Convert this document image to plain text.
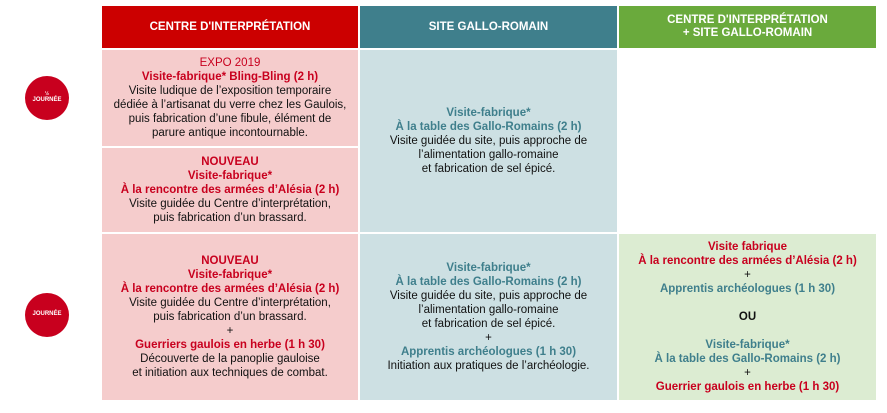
½
JOURNÉE
JOURNÉE
CENTRE D'INTERPRÉTATION	SITE GALLO-ROMAIN
CENTRE D'INTERPRÉTATION
+ SITE GALLO-ROMAIN
EXPO 2019
Visite-fabrique* Bling-Bling (2 h)
Visite ludique de l’exposition temporaire
dédiée à l’artisanat du verre chez les Gaulois,
puis fabrication d’une fibule, élément de
parure antique incontournable.
NOUVEAU
Visite-fabrique*
À la rencontre des armées d’Alésia (2 h)
Visite guidée du Centre d’interprétation,
puis fabrication d’un brassard.
Visite-fabrique*
À la table des Gallo-Romains (2 h)
Visite guidée du site, puis approche de
l’alimentation gallo-romaine
et fabrication de sel épicé.
NOUVEAU
Visite-fabrique*
À la rencontre des armées d’Alésia (2 h)
Visite guidée du Centre d’interprétation,
puis fabrication d’un brassard.
+
Guerriers gaulois en herbe (1 h 30)
Découverte de la panoplie gauloise
et initiation aux techniques de combat.
Visite-fabrique*
À la table des Gallo-Romains (2 h)
Visite guidée du site, puis approche de
l’alimentation gallo-romaine
et fabrication de sel épicé.
+
Apprentis archéologues (1 h 30)
Initiation aux pratiques de l’archéologie.
Visite fabrique
À la rencontre des armées d’Alésia (2 h)
+
Apprentis archéologues (1 h 30)
OU
Visite-fabrique*
À la table des Gallo-Romains (2 h)
+
Guerrier gaulois en herbe (1 h 30)
